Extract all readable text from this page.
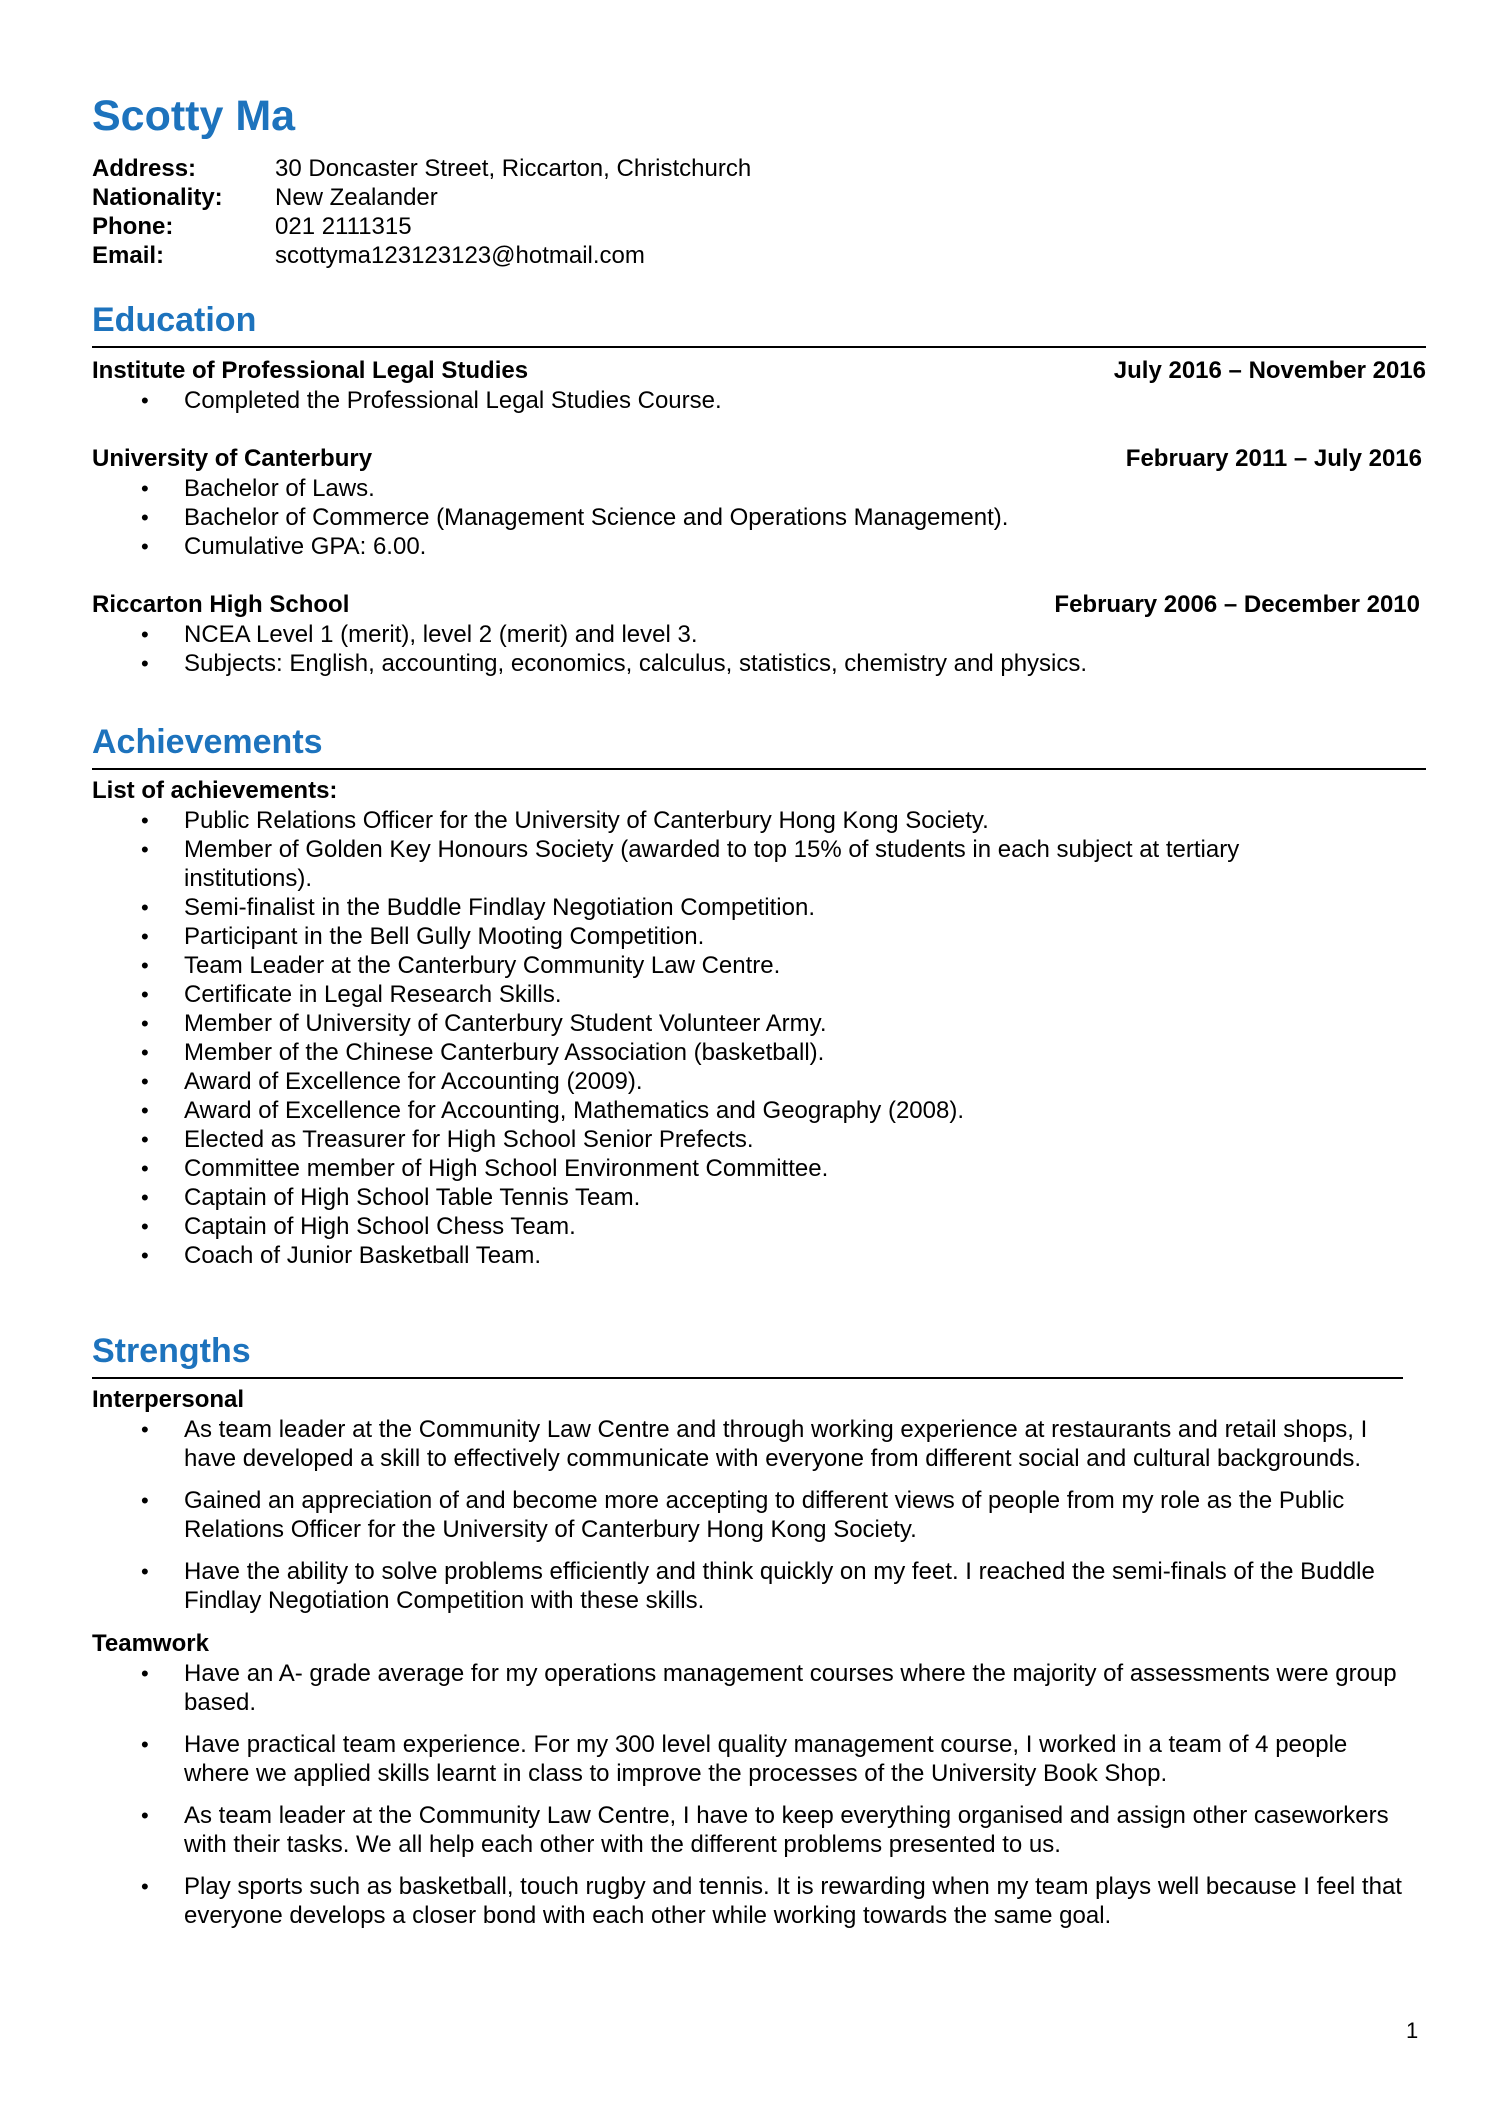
Scotty Ma
Address:	30 Doncaster Street, Riccarton, Christchurch
Nationality:	New Zealander
Phone:	021 2111315
Email:	scottyma123123123@hotmail.com
Education
Institute of Professional Legal Studies	July 2016 – November 2016
• Completed the Professional Legal Studies Course.
University of Canterbury	February 2011 – July 2016
• Bachelor of Laws.
• Bachelor of Commerce (Management Science and Operations Management).
• Cumulative GPA: 6.00.
Riccarton High School	February 2006 – December 2010
• NCEA Level 1 (merit), level 2 (merit) and level 3.
• Subjects: English, accounting, economics, calculus, statistics, chemistry and physics.
Achievements
List of achievements:
• Public Relations Officer for the University of Canterbury Hong Kong Society.
• Member of Golden Key Honours Society (awarded to top 15% of students in each subject at tertiary institutions).
• Semi-finalist in the Buddle Findlay Negotiation Competition.
• Participant in the Bell Gully Mooting Competition.
• Team Leader at the Canterbury Community Law Centre.
• Certificate in Legal Research Skills.
• Member of University of Canterbury Student Volunteer Army.
• Member of the Chinese Canterbury Association (basketball).
• Award of Excellence for Accounting (2009).
• Award of Excellence for Accounting, Mathematics and Geography (2008).
• Elected as Treasurer for High School Senior Prefects.
• Committee member of High School Environment Committee.
• Captain of High School Table Tennis Team.
• Captain of High School Chess Team.
• Coach of Junior Basketball Team.
Strengths
Interpersonal
• As team leader at the Community Law Centre and through working experience at restaurants and retail shops, I have developed a skill to effectively communicate with everyone from different social and cultural backgrounds.
• Gained an appreciation of and become more accepting to different views of people from my role as the Public Relations Officer for the University of Canterbury Hong Kong Society.
• Have the ability to solve problems efficiently and think quickly on my feet. I reached the semi-finals of the Buddle Findlay Negotiation Competition with these skills.
Teamwork
• Have an A- grade average for my operations management courses where the majority of assessments were group based.
• Have practical team experience. For my 300 level quality management course, I worked in a team of 4 people where we applied skills learnt in class to improve the processes of the University Book Shop.
• As team leader at the Community Law Centre, I have to keep everything organised and assign other caseworkers with their tasks. We all help each other with the different problems presented to us.
• Play sports such as basketball, touch rugby and tennis. It is rewarding when my team plays well because I feel that everyone develops a closer bond with each other while working towards the same goal.
1
